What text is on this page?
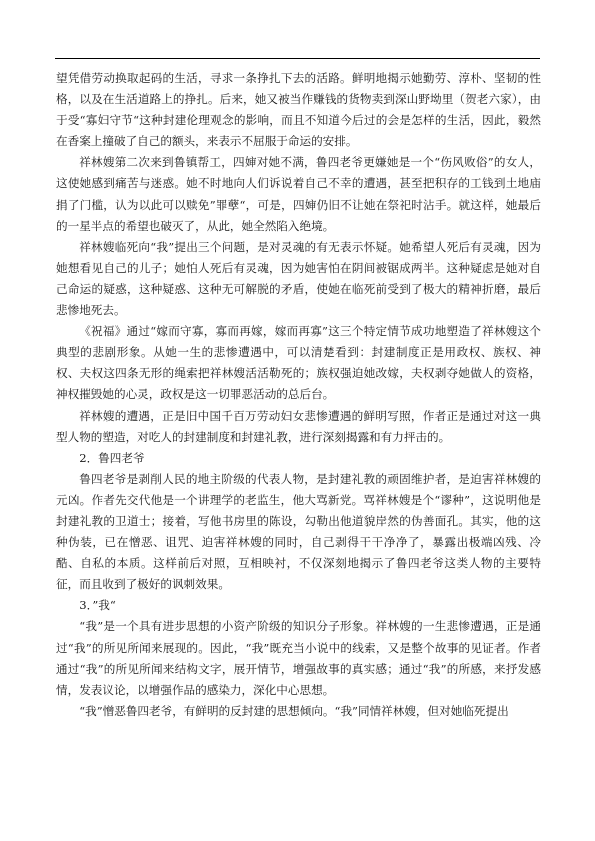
望凭借劳动换取起码的生活，寻求一条挣扎下去的活路。鲜明地揭示她勤劳、淳朴、坚韧的性格，以及在生活道路上的挣扎。后来，她又被当作赚钱的货物卖到深山野坳里（贺老六家），由于受“寡妇守节“这种封建伦理观念的影响，而且不知道今后过的会是怎样的生活，因此，毅然在香案上撞破了自己的额头，来表示不屈服于命运的安排。

祥林嫂第二次来到鲁镇帮工，四婶对她不满，鲁四老爷更嫌她是一个“伤风败俗”的女人，这使她感到痛苦与迷惑。她不时地向人们诉说着自己不幸的遭遇，甚至把积存的工钱到土地庙捐了门槛，认为以此可以赎免”罪孽“，可是，四婶仍旧不让她在祭祀时沾手。就这样，她最后的一星半点的希望也破灭了，从此，她全然陷入绝境。

祥林嫂临死向“我”提出三个问题，是对灵魂的有无表示怀疑。她希望人死后有灵魂，因为她想看见自己的儿子；她怕人死后有灵魂，因为她害怕在阴间被锯成两半。这种疑虑是她对自己命运的疑惑，这种疑惑、这种无可解脱的矛盾，使她在临死前受到了极大的精神折磨，最后悲惨地死去。

《祝福》通过“嫁而守寡，寡而再嫁，嫁而再寡”这三个特定情节成功地塑造了祥林嫂这个典型的悲剧形象。从她一生的悲惨遭遇中，可以清楚看到：封建制度正是用政权、族权、神权、夫权这四条无形的绳索把祥林嫂活活勒死的；族权强迫她改嫁，夫权剥夺她做人的资格，神权摧毁她的心灵，政权是这一切罪恶活动的总后台。

祥林嫂的遭遇，正是旧中国千百万劳动妇女悲惨遭遇的鲜明写照，作者正是通过对这一典型人物的塑造，对吃人的封建制度和封建礼教，进行深刻揭露和有力抨击的。

2．鲁四老爷

鲁四老爷是剥削人民的地主阶级的代表人物，是封建礼教的顽固维护者，是迫害祥林嫂的元凶。作者先交代他是一个讲理学的老监生，他大骂新党。骂祥林嫂是个“谬种”，这说明他是封建礼教的卫道士；接着，写他书房里的陈设，勾勒出他道貌岸然的伪善面孔。其实，他的这种伪装，已在憎恶、诅咒、迫害祥林嫂的同时，自己剥得干干净净了，暴露出极端凶残、冷酷、自私的本质。这样前后对照，互相映衬，不仅深刻地揭示了鲁四老爷这类人物的主要特征，而且收到了极好的讽刺效果。

3．”我“

“我”是一个具有进步思想的小资产阶级的知识分子形象。祥林嫂的一生悲惨遭遇，正是通过“我”的所见所闻来展现的。因此，“我”既充当小说中的线索，又是整个故事的见证者。作者通过“我”的所见所闻来结构文字，展开情节，增强故事的真实感；通过“我”的所感，来抒发感情，发表议论，以增强作品的感染力，深化中心思想。

“我”憎恶鲁四老爷，有鲜明的反封建的思想倾向。“我”同情祥林嫂，但对她临死提出
